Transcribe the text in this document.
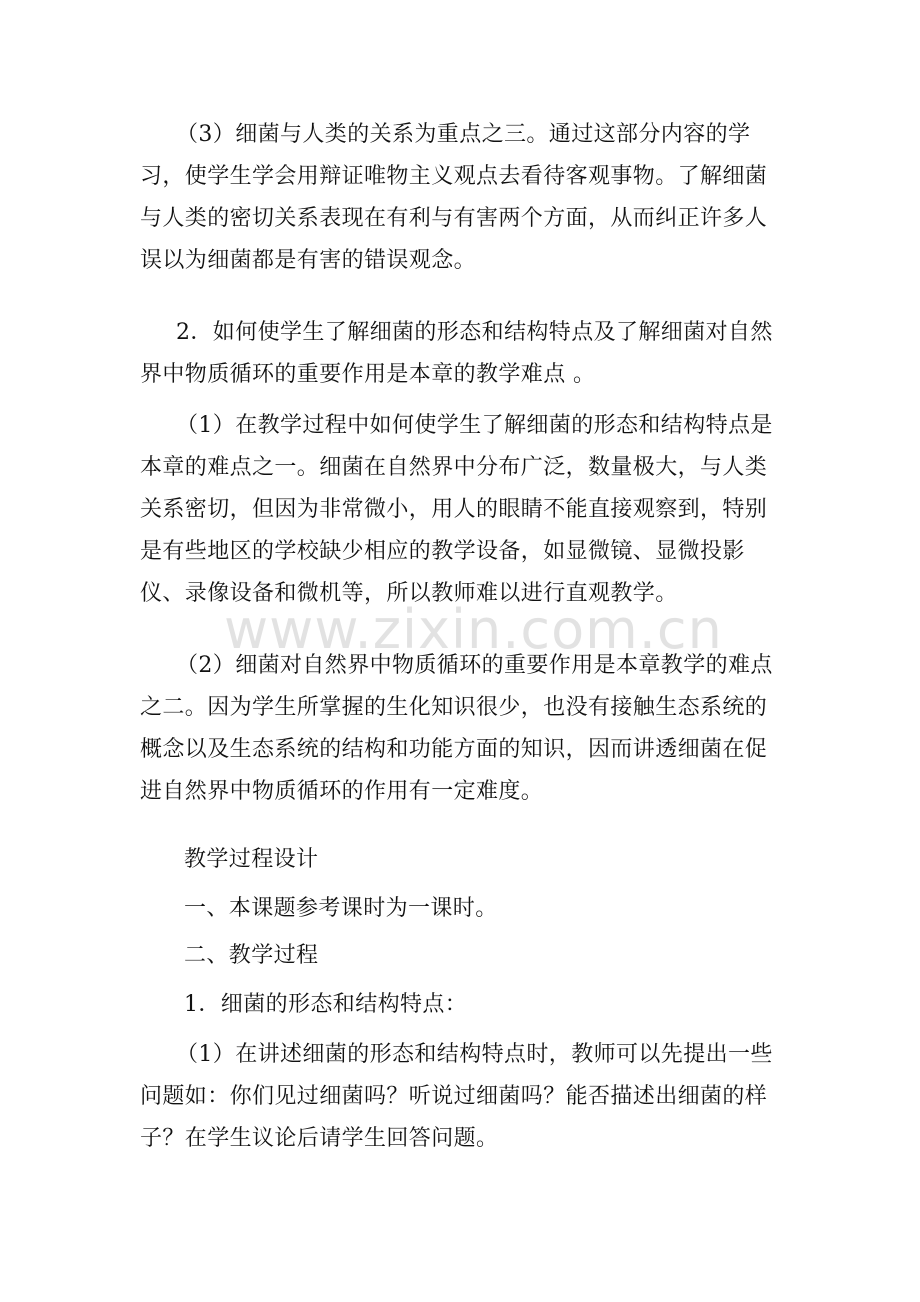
（3）细菌与人类的关系为重点之三。通过这部分内容的学习，使学生学会用辩证唯物主义观点去看待客观事物。了解细菌与人类的密切关系表现在有利与有害两个方面，从而纠正许多人误以为细菌都是有害的错误观念。

2．如何使学生了解细菌的形态和结构特点及了解细菌对自然界中物质循环的重要作用是本章的教学难点 。

（1）在教学过程中如何使学生了解细菌的形态和结构特点是本章的难点之一。细菌在自然界中分布广泛，数量极大，与人类关系密切，但因为非常微小，用人的眼睛不能直接观察到，特别是有些地区的学校缺少相应的教学设备，如显微镜、显微投影仪、录像设备和微机等，所以教师难以进行直观教学。

（2）细菌对自然界中物质循环的重要作用是本章教学的难点之二。因为学生所掌握的生化知识很少，也没有接触生态系统的概念以及生态系统的结构和功能方面的知识，因而讲透细菌在促进自然界中物质循环的作用有一定难度。

教学过程设计

一、本课题参考课时为一课时。

二、教学过程

1．细菌的形态和结构特点：

（1）在讲述细菌的形态和结构特点时，教师可以先提出一些问题如：你们见过细菌吗？听说过细菌吗？能否描述出细菌的样子？在学生议论后请学生回答问题。

www.zixin.com.cn
